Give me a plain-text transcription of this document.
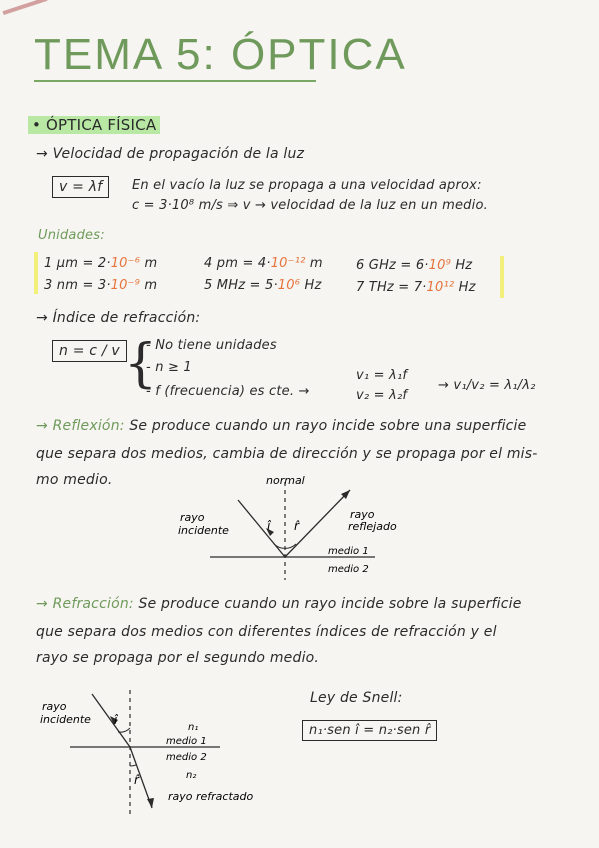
TEMA 5: ÓPTICA
• ÓPTICA FÍSICA
→ Velocidad de propagación de la luz
v = λf	En el vacío la luz se propaga a una velocidad aprox:
c = 3·10⁸ m/s ⇒ v → velocidad de la luz en un medio.
Unidades:
1 µm = 2·10⁻⁶ m	4 pm = 4·10⁻¹² m	6 GHz = 6·10⁹ Hz
3 nm = 3·10⁻⁹ m	5 MHz = 5·10⁶ Hz	7 THz = 7·10¹² Hz
→ Índice de refracción:
n = c / v {
- No tiene unidades
- n ≥ 1
- f (frecuencia) es cte. →
v₁ = λ₁f
v₂ = λ₂f
→ v₁/v₂ = λ₁/λ₂
→ Reflexión: Se produce cuando un rayo incide sobre una superficie
que separa dos medios, cambia de dirección y se propaga por el mis-
mo medio.
î r̂
normal
rayo
incidente
rayo
reflejado
medio 1
medio 2
→ Refracción: Se produce cuando un rayo incide sobre la superficie
que separa dos medios con diferentes índices de refracción y el
rayo se propaga por el segundo medio.
î
r̂
rayo
incidente
n₁
medio 1
medio 2
n₂
rayo refractado
Ley de Snell:
n₁·sen î = n₂·sen r̂
